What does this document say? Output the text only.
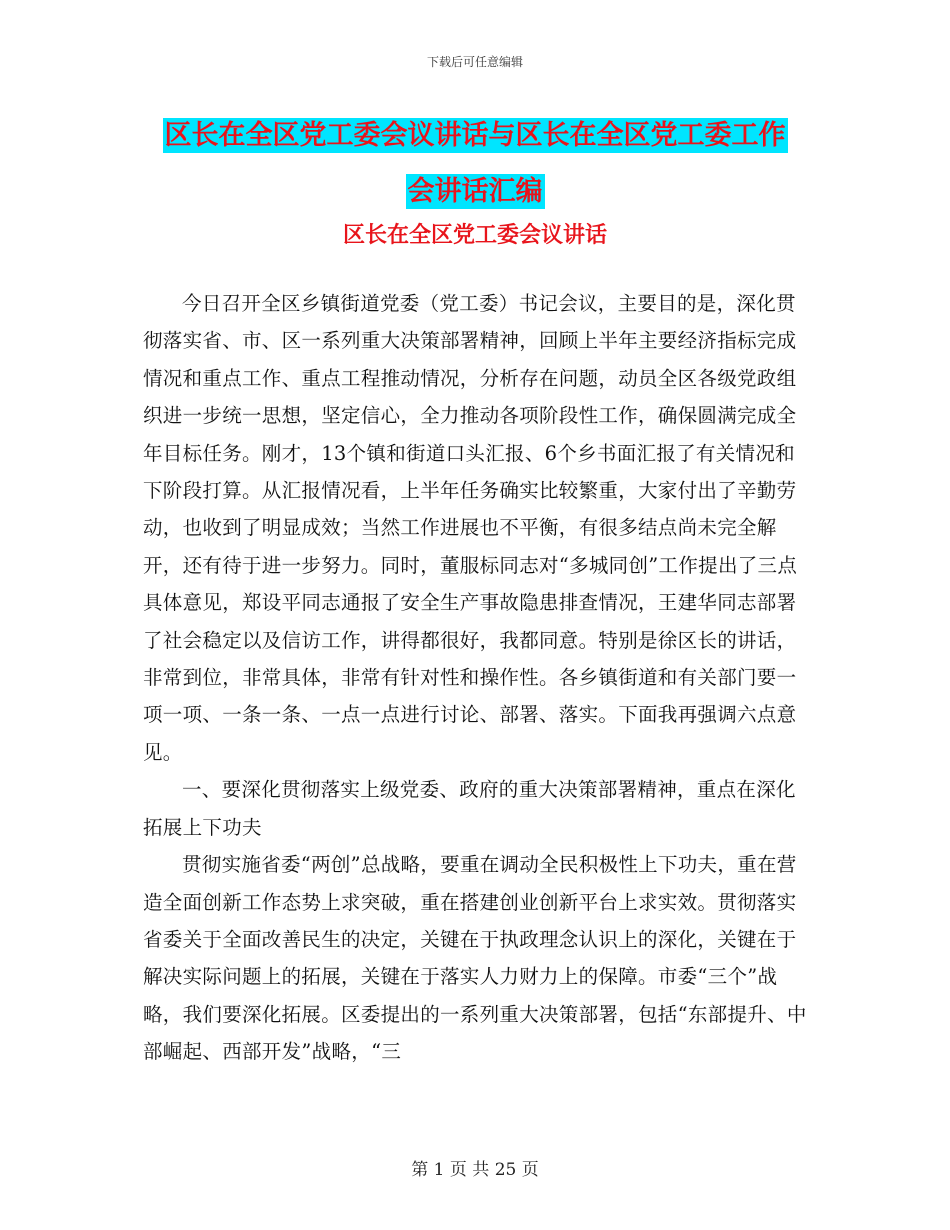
下载后可任意编辑
区长在全区党工委会议讲话与区长在全区党工委工作
会讲话汇编
区长在全区党工委会议讲话

今日召开全区乡镇街道党委（党工委）书记会议，主要目的是，深化贯彻落实省、市、区一系列重大决策部署精神，回顾上半年主要经济指标完成情况和重点工作、重点工程推动情况，分析存在问题，动员全区各级党政组织进一步统一思想，坚定信心，全力推动各项阶段性工作，确保圆满完成全年目标任务。刚才，13个镇和街道口头汇报、6个乡书面汇报了有关情况和下阶段打算。从汇报情况看，上半年任务确实比较繁重，大家付出了辛勤劳动，也收到了明显成效；当然工作进展也不平衡，有很多结点尚未完全解开，还有待于进一步努力。同时，董服标同志对“多城同创”工作提出了三点具体意见，郑设平同志通报了安全生产事故隐患排查情况，王建华同志部署了社会稳定以及信访工作，讲得都很好，我都同意。特别是徐区长的讲话，非常到位，非常具体，非常有针对性和操作性。各乡镇街道和有关部门要一项一项、一条一条、一点一点进行讨论、部署、落实。下面我再强调六点意见。

一、要深化贯彻落实上级党委、政府的重大决策部署精神，重点在深化拓展上下功夫

贯彻实施省委“两创”总战略，要重在调动全民积极性上下功夫，重在营造全面创新工作态势上求突破，重在搭建创业创新平台上求实效。贯彻落实省委关于全面改善民生的决定，关键在于执政理念认识上的深化，关键在于解决实际问题上的拓展，关键在于落实人力财力上的保障。市委“三个”战略，我们要深化拓展。区委提出的一系列重大决策部署，包括“东部提升、中部崛起、西部开发”战略，“三

第 1 页 共 25 页
